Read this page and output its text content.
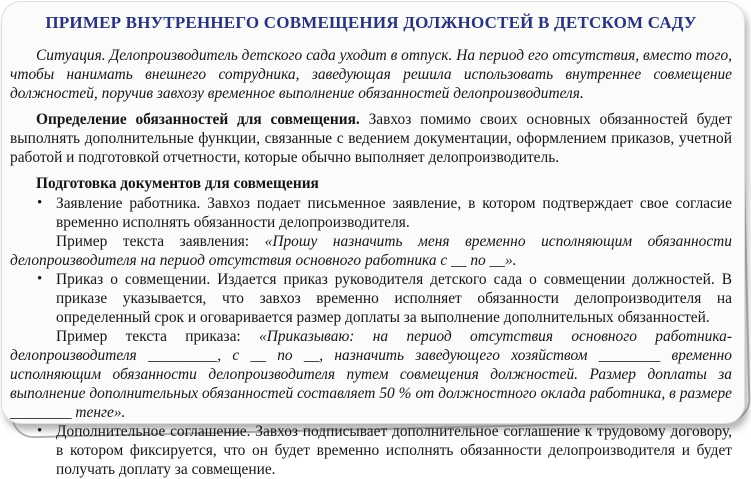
ПРИМЕР ВНУТРЕННЕГО СОВМЕЩЕНИЯ ДОЛЖНОСТЕЙ В ДЕТСКОМ САДУ

Ситуация. Делопроизводитель детского сада уходит в отпуск. На период его отсутствия, вместо того, чтобы нанимать внешнего сотрудника, заведующая решила использовать внутреннее совмещение должностей, поручив завхозу временное выполнение обязанностей делопроизводителя.

Определение обязанностей для совмещения. Завхоз помимо своих основных обязанностей будет выполнять дополнительные функции, связанные с ведением документации, оформлением приказов, учетной работой и подготовкой отчетности, которые обычно выполняет делопроизводитель.

Подготовка документов для совмещения
• Заявление работника. Завхоз подает письменное заявление, в котором подтверждает свое согласие временно исполнять обязанности делопроизводителя.

Пример текста заявления: «Прошу назначить меня временно исполняющим обязанности делопроизводителя на период отсутствия основного работника с __ по __».

• Приказ о совмещении. Издается приказ руководителя детского сада о совмещении должностей. В приказе указывается, что завхоз временно исполняет обязанности делопроизводителя на определенный срок и оговаривается размер доплаты за выполнение дополнительных обязанностей.

Пример текста приказа: «Приказываю: на период отсутствия основного работника-делопроизводителя _________, с __ по __, назначить заведующего хозяйством ________ временно исполняющим обязанности делопроизводителя путем совмещения должностей. Размер доплаты за выполнение дополнительных обязанностей составляет 50 % от должностного оклада работника, в размере ________ тенге».

• Дополнительное соглашение. Завхоз подписывает дополнительное соглашение к трудовому договору, в котором фиксируется, что он будет временно исполнять обязанности делопроизводителя и будет получать доплату за совмещение.
